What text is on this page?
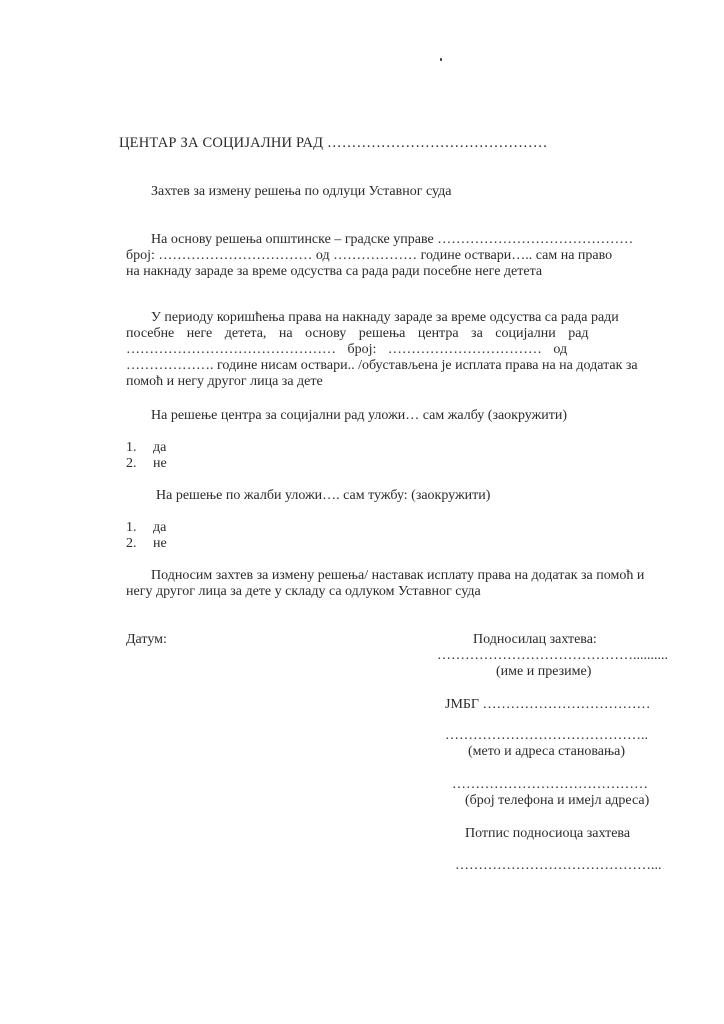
ЦЕНТАР ЗА СОЦИЈАЛНИ РАД ………………………………………
Захтев за измену решења по одлуци Уставног суда
На основу решења општинске – градске управе ……………………………………
број: …………………………… од ……………… године оствари….. сам на право
на накнаду зараде за време одсуства са рада ради посебне неге детета
У периоду коришћења права на накнаду зараде за време одсуства са рада ради
посебне неге детета, на основу решења центра за социјални рад
……………………………………… број: …………………………… од
………………. године нисам оствари.. /обустављена је исплата права на на додатак за
помоћ и негу другог лица за дете
На решење центра за социјални рад уложи… сам жалбу (заокружити)
1.	да
2.	не
На решење по жалби уложи…. сам тужбу: (заокружити)
1.	да
2.	не
Подносим захтев за измену решења/ наставак исплату права на додатак за помоћ и
негу другог лица за дете у складу са одлуком Уставног суда
Датум:	Подносилац захтева:
……………………………………..........
(име и презиме)
ЈМБГ ………………………………
……………………………………..
(мето и адреса становања)
……………………………………
(број телефона и имејл адреса)
Потпис подносиоца захтева
……………………………………...
